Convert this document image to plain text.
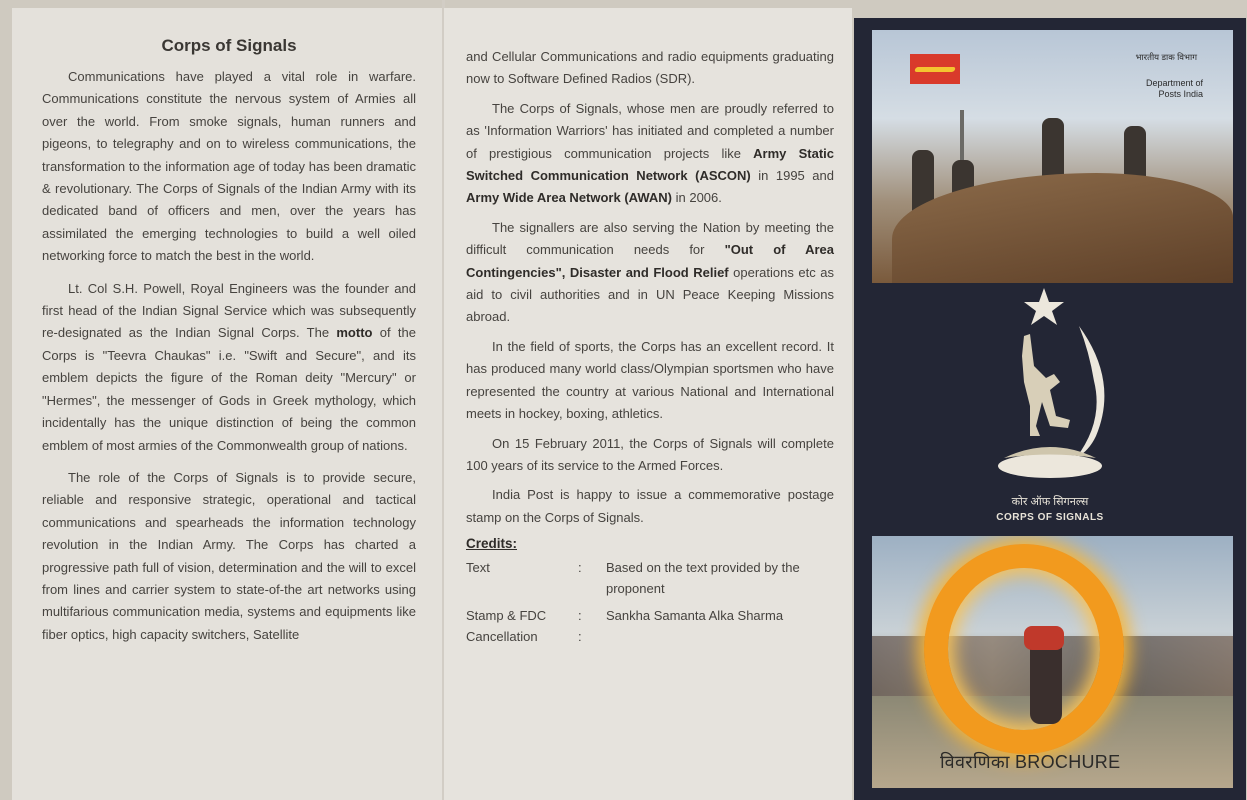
Corps of Signals

Communications have played a vital role in warfare. Communications constitute the nervous system of Armies all over the world. From smoke signals, human runners and pigeons, to telegraphy and on to wireless communications, the transformation to the information age of today has been dramatic & revolutionary. The Corps of Signals of the Indian Army with its dedicated band of officers and men, over the years has assimilated the emerging technologies to build a well oiled networking force to match the best in the world.

Lt. Col S.H. Powell, Royal Engineers was the founder and first head of the Indian Signal Service which was subsequently re-designated as the Indian Signal Corps. The motto of the Corps is "Teevra Chaukas" i.e. "Swift and Secure", and its emblem depicts the figure of the Roman deity "Mercury" or "Hermes", the messenger of Gods in Greek mythology, which incidentally has the unique distinction of being the common emblem of most armies of the Commonwealth group of nations.

The role of the Corps of Signals is to provide secure, reliable and responsive strategic, operational and tactical communications and spearheads the information technology revolution in the Indian Army. The Corps has charted a progressive path full of vision, determination and the will to excel from lines and carrier system to state-of-the art networks using multifarious communication media, systems and equipments like fiber optics, high capacity switchers, Satellite

and Cellular Communications and radio equipments graduating now to Software Defined Radios (SDR).

The Corps of Signals, whose men are proudly referred to as 'Information Warriors' has initiated and completed a number of prestigious communication projects like Army Static Switched Communication Network (ASCON) in 1995 and Army Wide Area Network (AWAN) in 2006.

The signallers are also serving the Nation by meeting the difficult communication needs for "Out of Area Contingencies", Disaster and Flood Relief operations etc as aid to civil authorities and in UN Peace Keeping Missions abroad.

In the field of sports, the Corps has an excellent record. It has produced many world class/Olympian sportsmen who have represented the country at various National and International meets in hockey, boxing, athletics.

On 15 February 2011, the Corps of Signals will complete 100 years of its service to the Armed Forces.

India Post is happy to issue a commemorative postage stamp on the Corps of Signals.

Credits:
Text	:	Based on the text provided by the proponent
Stamp & FDC Cancellation
:
:
Sankha Samanta Alka Sharma
भारतीय डाक विभाग
Department of Posts India
कोर ऑफ सिगनल्स
CORPS OF SIGNALS
विवरणिका BROCHURE
